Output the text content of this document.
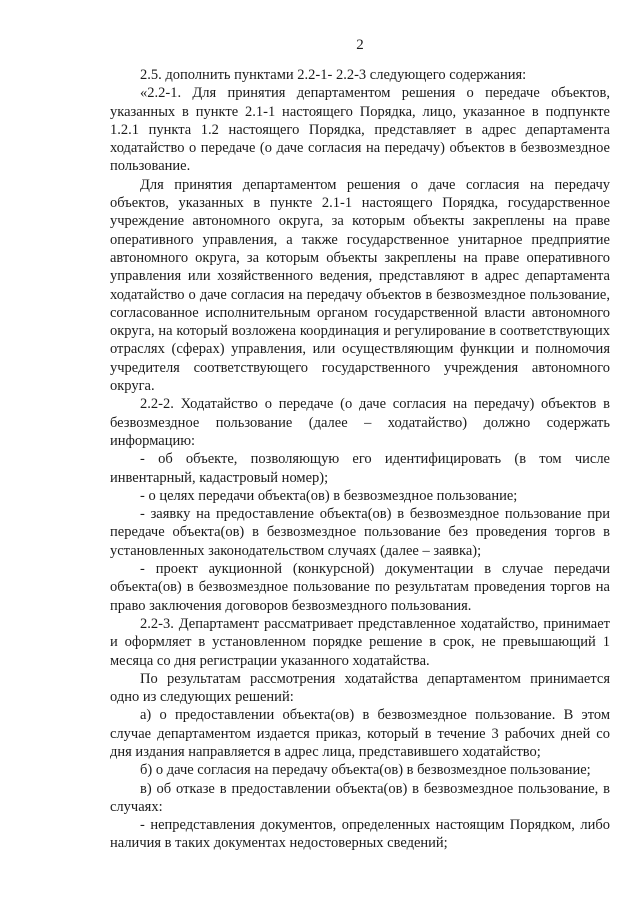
2

2.5. дополнить пунктами 2.2-1- 2.2-3 следующего содержания:

«2.2-1. Для принятия департаментом решения о передаче объектов, указанных в пункте 2.1-1 настоящего Порядка, лицо, указанное в подпункте 1.2.1 пункта 1.2 настоящего Порядка, представляет в адрес департамента ходатайство о передаче (о даче согласия на передачу) объектов в безвозмездное пользование.

Для принятия департаментом решения о даче согласия на передачу объектов, указанных в пункте 2.1-1 настоящего Порядка, государственное учреждение автономного округа, за которым объекты закреплены на праве оперативного управления, а также государственное унитарное предприятие автономного округа, за которым объекты закреплены на праве оперативного управления или хозяйственного ведения, представляют в адрес департамента ходатайство о даче согласия на передачу объектов в безвозмездное пользование, согласованное исполнительным органом государственной власти автономного округа, на который возложена координация и регулирование в соответствующих отраслях (сферах) управления, или осуществляющим функции и полномочия учредителя соответствующего государственного учреждения автономного округа.

2.2-2. Ходатайство о передаче (о даче согласия на передачу) объектов в безвозмездное пользование (далее – ходатайство) должно содержать информацию:

- об объекте, позволяющую его идентифицировать (в том числе инвентарный, кадастровый номер);

- о целях передачи объекта(ов) в безвозмездное пользование;

- заявку на предоставление объекта(ов) в безвозмездное пользование при передаче объекта(ов) в безвозмездное пользование без проведения торгов в установленных законодательством случаях (далее – заявка);

- проект аукционной (конкурсной) документации в случае передачи объекта(ов) в безвозмездное пользование по результатам проведения торгов на право заключения договоров безвозмездного пользования.

2.2-3. Департамент рассматривает представленное ходатайство, принимает и оформляет в установленном порядке решение в срок, не превышающий 1 месяца со дня регистрации указанного ходатайства.

По результатам рассмотрения ходатайства департаментом принимается одно из следующих решений:

а) о предоставлении объекта(ов) в безвозмездное пользование. В этом случае департаментом издается приказ, который в течение 3 рабочих дней со дня издания направляется в адрес лица, представившего ходатайство;

б) о даче согласия на передачу объекта(ов) в безвозмездное пользование;

в) об отказе в предоставлении объекта(ов) в безвозмездное пользование, в случаях:

- непредставления документов, определенных настоящим Порядком, либо наличия в таких документах недостоверных сведений;
